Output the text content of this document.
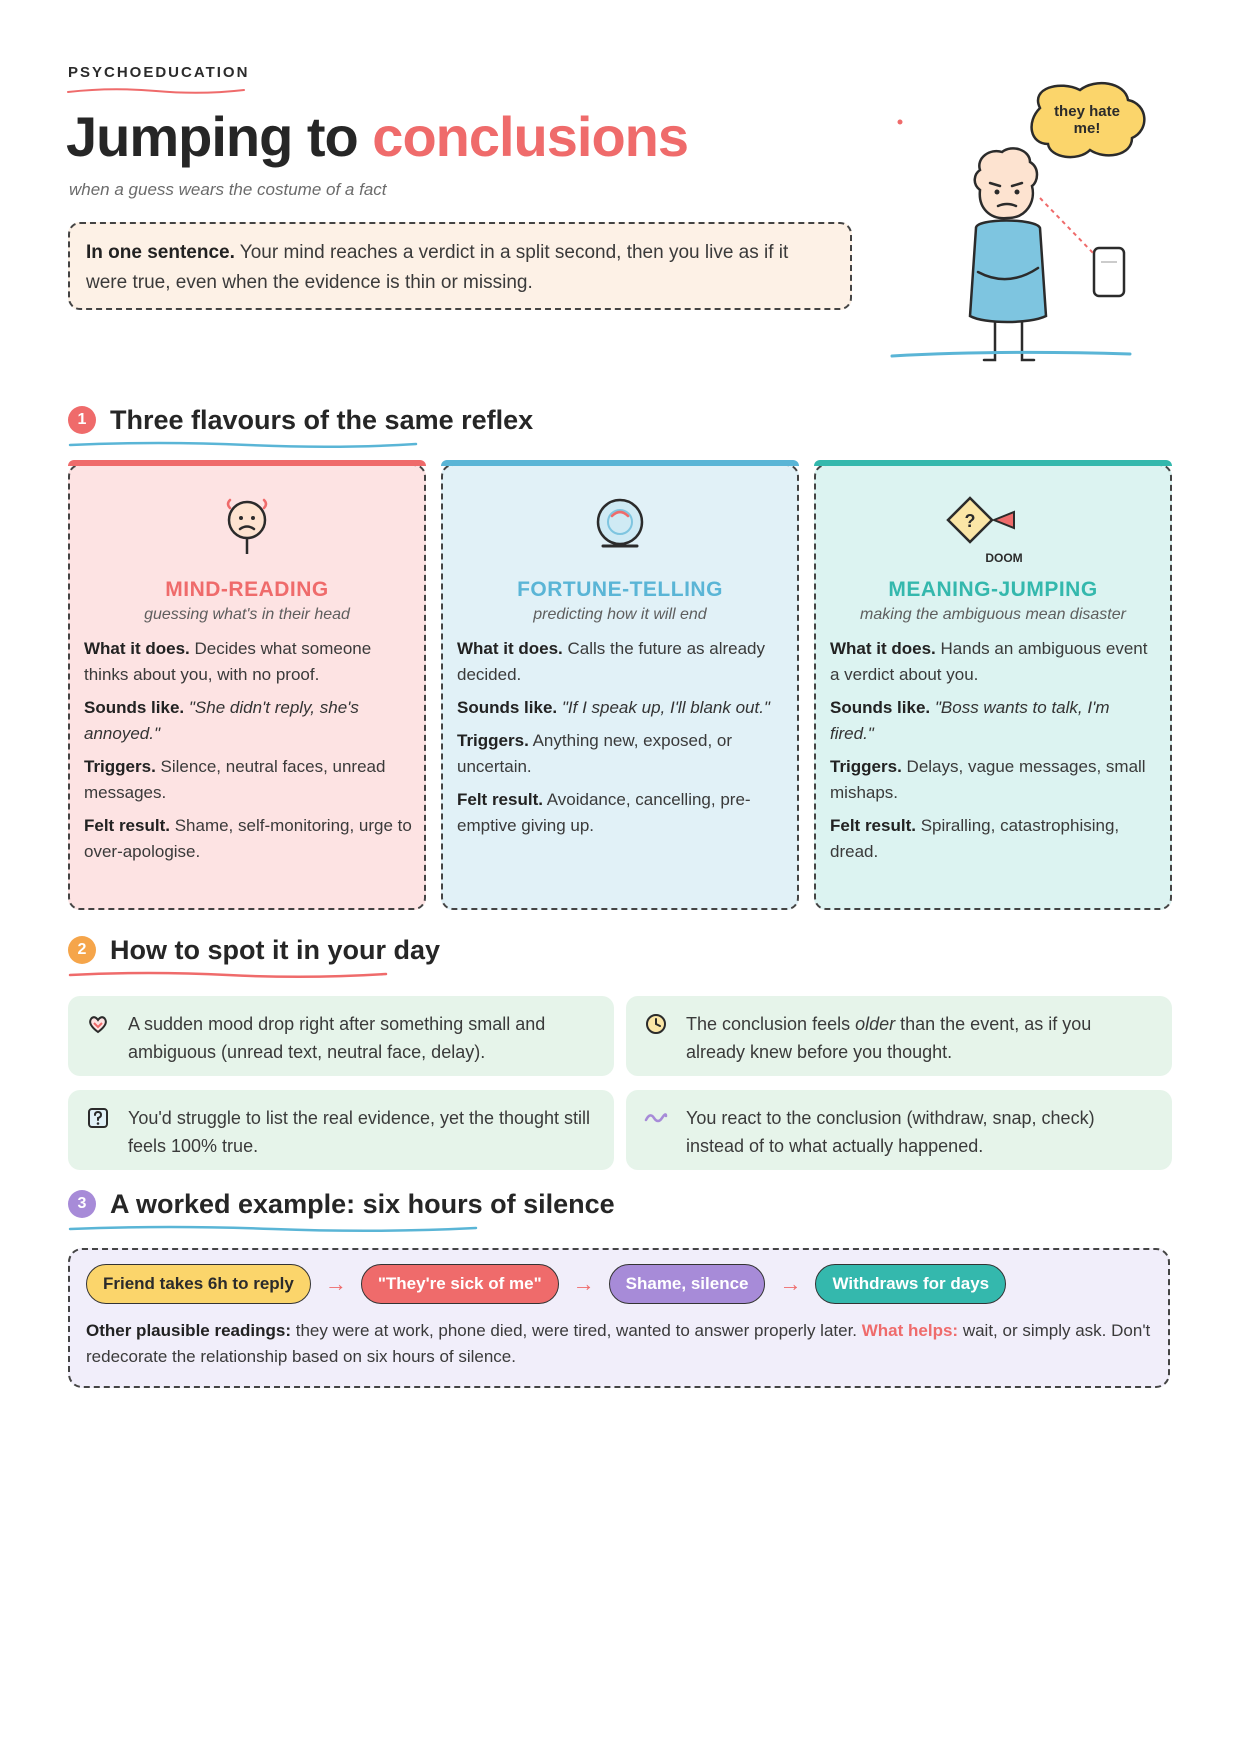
PSYCHOEDUCATION
Jumping to conclusions
when a guess wears the costume of a fact
In one sentence. Your mind reaches a verdict in a split second, then you live as if it were true, even when the evidence is thin or missing.
they hate
me!
1 Three flavours of the same reflex
MIND-READING
guessing what's in their head

What it does. Decides what someone thinks about you, with no proof.

Sounds like. "She didn't reply, she's annoyed."

Triggers. Silence, neutral faces, unread messages.

Felt result. Shame, self-monitoring, urge to over-apologise.

FORTUNE-TELLING
predicting how it will end

What it does. Calls the future as already decided.

Sounds like. "If I speak up, I'll blank out."

Triggers. Anything new, exposed, or uncertain.

Felt result. Avoidance, cancelling, pre-emptive giving up.

?
DOOM
MEANING-JUMPING
making the ambiguous mean disaster

What it does. Hands an ambiguous event a verdict about you.

Sounds like. "Boss wants to talk, I'm fired."

Triggers. Delays, vague messages, small mishaps.

Felt result. Spiralling, catastrophising, dread.

2 How to spot it in your day
A sudden mood drop right after something small and ambiguous (unread text, neutral face, delay).
The conclusion feels older than the event, as if you already knew before you thought.
You'd struggle to list the real evidence, yet the thought still feels 100% true.
You react to the conclusion (withdraw, snap, check) instead of to what actually happened.
3 A worked example: six hours of silence
Friend takes 6h to reply	→	"They're sick of me"	→	Shame, silence	→	Withdraws for days
Other plausible readings: they were at work, phone died, were tired, wanted to answer properly later. What helps: wait, or simply ask. Don't redecorate the relationship based on six hours of silence.
